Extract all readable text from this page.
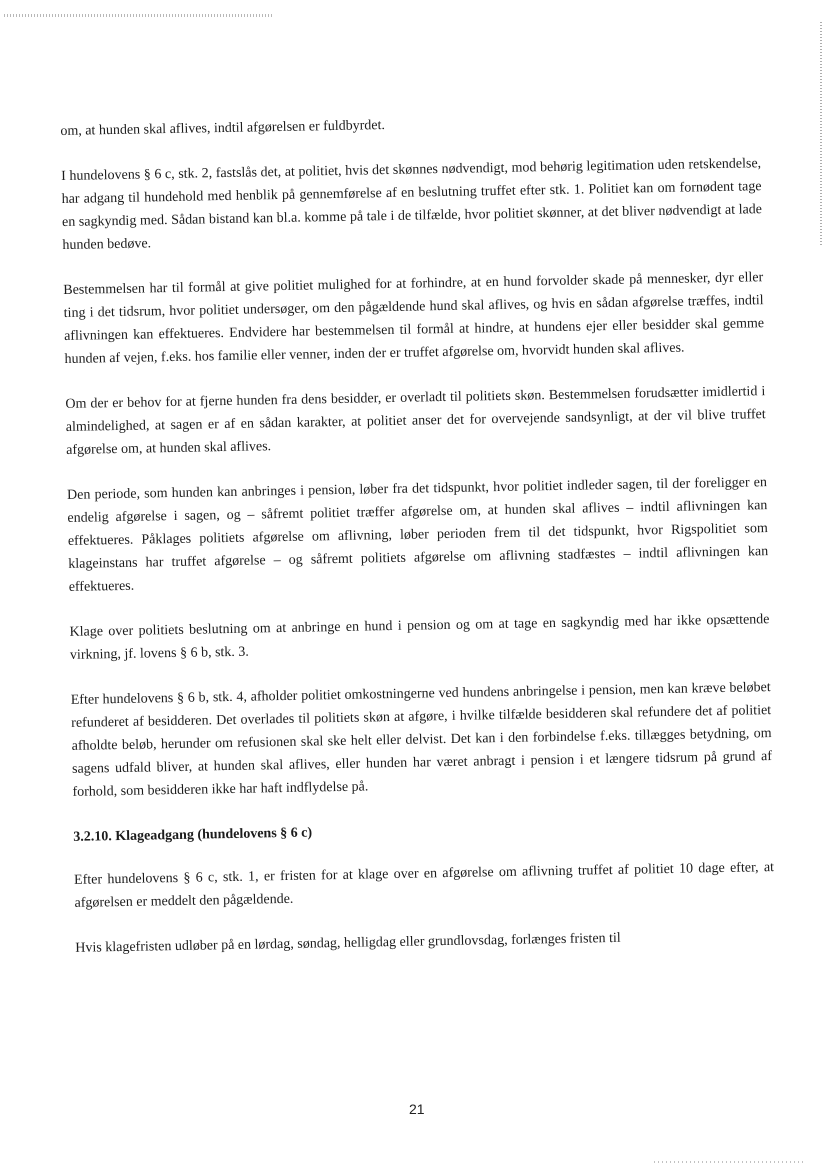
om, at hunden skal aflives, indtil afgørelsen er fuldbyrdet.

I hundelovens § 6 c, stk. 2, fastslås det, at politiet, hvis det skønnes nødvendigt, mod behørig legitimation uden retskendelse, har adgang til hundehold med henblik på gennemførelse af en beslutning truffet efter stk. 1. Politiet kan om fornødent tage en sagkyndig med. Sådan bistand kan bl.a. komme på tale i de tilfælde, hvor politiet skønner, at det bliver nødvendigt at lade hunden bedøve.

Bestemmelsen har til formål at give politiet mulighed for at forhindre, at en hund forvolder skade på mennesker, dyr eller ting i det tidsrum, hvor politiet undersøger, om den pågældende hund skal aflives, og hvis en sådan afgørelse træffes, indtil aflivningen kan effektueres. Endvidere har bestemmelsen til formål at hindre, at hundens ejer eller besidder skal gemme hunden af vejen, f.eks. hos familie eller venner, inden der er truffet afgørelse om, hvorvidt hunden skal aflives.

Om der er behov for at fjerne hunden fra dens besidder, er overladt til politiets skøn. Bestemmelsen forudsætter imidlertid i almindelighed, at sagen er af en sådan karakter, at politiet anser det for overvejende sandsynligt, at der vil blive truffet afgørelse om, at hunden skal aflives.

Den periode, som hunden kan anbringes i pension, løber fra det tidspunkt, hvor politiet indleder sagen, til der foreligger en endelig afgørelse i sagen, og – såfremt politiet træffer afgørelse om, at hunden skal aflives – indtil aflivningen kan effektueres. Påklages politiets afgørelse om aflivning, løber perioden frem til det tidspunkt, hvor Rigspolitiet som klageinstans har truffet afgørelse – og såfremt politiets afgørelse om aflivning stadfæstes – indtil aflivningen kan effektueres.

Klage over politiets beslutning om at anbringe en hund i pension og om at tage en sagkyndig med har ikke opsættende virkning, jf. lovens § 6 b, stk. 3.

Efter hundelovens § 6 b, stk. 4, afholder politiet omkostningerne ved hundens anbringelse i pension, men kan kræve beløbet refunderet af besidderen. Det overlades til politiets skøn at afgøre, i hvilke tilfælde besidderen skal refundere det af politiet afholdte beløb, herunder om refusionen skal ske helt eller delvist. Det kan i den forbindelse f.eks. tillægges betydning, om sagens udfald bliver, at hunden skal aflives, eller hunden har været anbragt i pension i et længere tidsrum på grund af forhold, som besidderen ikke har haft indflydelse på.

3.2.10. Klageadgang (hundelovens § 6 c)

Efter hundelovens § 6 c, stk. 1, er fristen for at klage over en afgørelse om aflivning truffet af politiet 10 dage efter, at afgørelsen er meddelt den pågældende.

Hvis klagefristen udløber på en lørdag, søndag, helligdag eller grundlovsdag, forlænges fristen til

21
